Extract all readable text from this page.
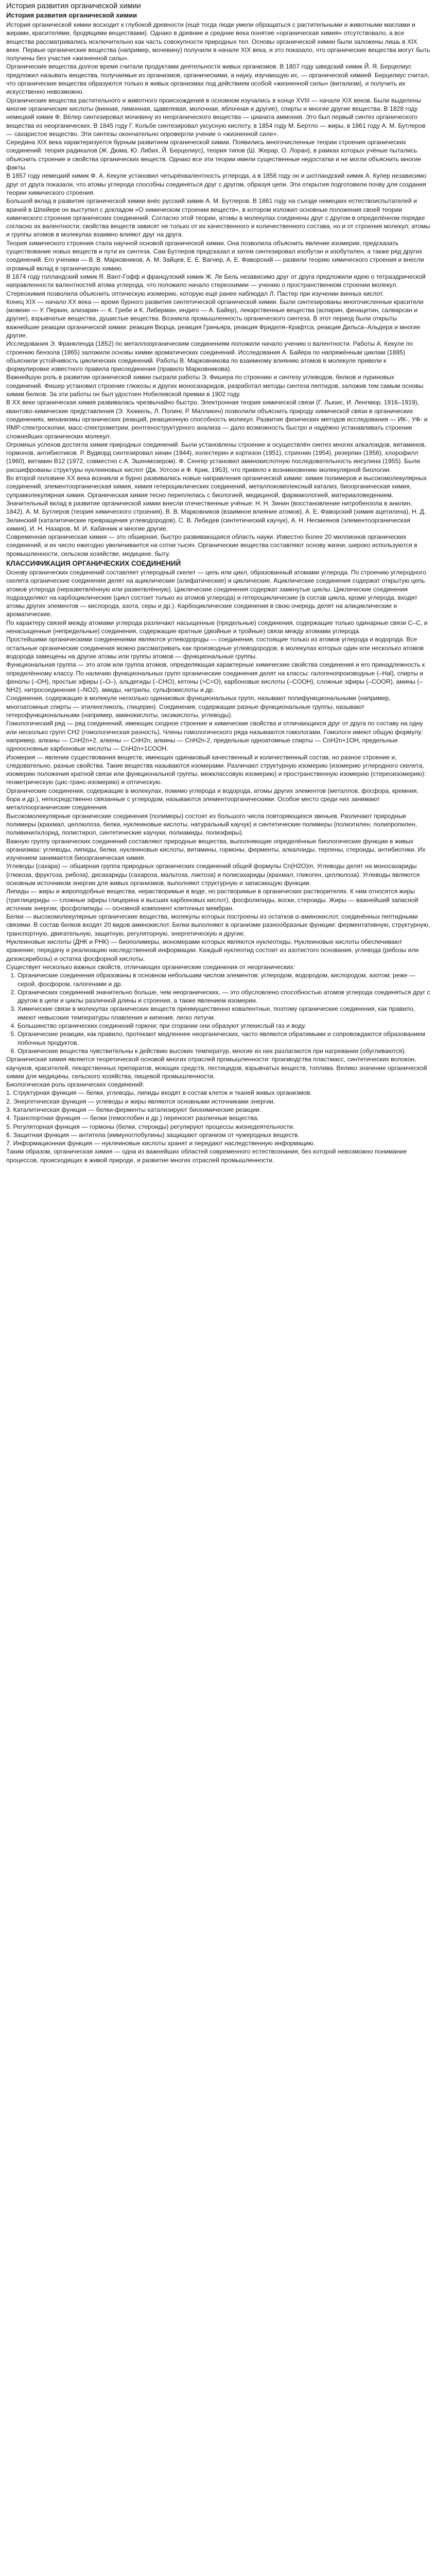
История развития органической химии
История развития органической химии

История органической химии восходит к глубокой древности (ещё тогда люди умели обращаться с растительными и животными маслами и жирами, красителями, бродящими веществами). Однако в древние и средние века понятие «органическая химия» отсутствовало, а все вещества рассматривались исключительно как часть совокупности природных тел. Основы органической химии были заложены лишь в XIX веке. Первые органические вещества (например, мочевину) получили в начале XIX века, и это показало, что органические вещества могут быть получены без участия «жизненной силы».

Органические вещества долгое время считали продуктами деятельности живых организмов. В 1807 году шведский химик Й. Я. Берцелиус предложил называть вещества, получаемые из организмов, органическими, а науку, изучающую их, — органической химией. Берцелиус считал, что органические вещества образуются только в живых организмах под действием особой «жизненной силы» (витализм), и получить их искусственно невозможно.

Органические вещества растительного и животного происхождения в основном изучались в конце XVIII — начале XIX веков. Были выделены многие органические кислоты (винная, лимонная, щавелевая, молочная, яблочная и другие), спирты и многие другие вещества. В 1828 году немецкий химик Ф. Вёлер синтезировал мочевину из неорганического вещества — цианата аммония. Это был первый синтез органического вещества из неорганических. В 1845 году Г. Кольбе синтезировал уксусную кислоту, в 1854 году М. Бертло — жиры, в 1861 году А. М. Бутлеров — сахаристое вещество. Эти синтезы окончательно опровергли учение о «жизненной силе».

Середина XIX века характеризуется бурным развитием органической химии. Появились многочисленные теории строения органических соединений: теория радикалов (Ж. Дюма, Ю. Либих, Й. Берцелиус), теория типов (Ш. Жерар, О. Лоран), в рамках которых учёные пытались объяснить строение и свойства органических веществ. Однако все эти теории имели существенные недостатки и не могли объяснить многие факты.

В 1857 году немецкий химик Ф. А. Кекуле установил четырёхвалентность углерода, а в 1858 году он и шотландский химик А. Купер независимо друг от друга показали, что атомы углерода способны соединяться друг с другом, образуя цепи. Эти открытия подготовили почву для создания теории химического строения.

Большой вклад в развитие органической химии внёс русский химик А. М. Бутлеров. В 1861 году на съезде немецких естествоиспытателей и врачей в Шпейере он выступил с докладом «О химическом строении веществ», в котором изложил основные положения своей теории химического строения органических соединений. Согласно этой теории, атомы в молекулах соединены друг с другом в определённом порядке согласно их валентности; свойства веществ зависят не только от их качественного и количественного состава, но и от строения молекул; атомы и группы атомов в молекулах взаимно влияют друг на друга.

Теория химического строения стала научной основой органической химии. Она позволила объяснить явление изомерии, предсказать существование новых веществ и пути их синтеза. Сам Бутлеров предсказал и затем синтезировал изобутан и изобутилен, а также ряд других соединений. Его ученики — В. В. Марковников, А. М. Зайцев, Е. Е. Вагнер, А. Е. Фаворский — развили теорию химического строения и внесли огромный вклад в органическую химию.

В 1874 году голландский химик Я. Вант-Гофф и французский химик Ж. Ле Бель независимо друг от друга предложили идею о тетраэдрической направленности валентностей атома углерода, что положило начало стереохимии — учению о пространственном строении молекул. Стереохимия позволила объяснить оптическую изомерию, которую ещё ранее наблюдал Л. Пастер при изучении винных кислот.

Конец XIX — начало XX века — время бурного развития синтетической органической химии. Были синтезированы многочисленные красители (мовеин — У. Перкин, ализарин — К. Гребе и К. Либерман, индиго — А. Байер), лекарственные вещества (аспирин, фенацетин, салварсан и другие), взрывчатые вещества, душистые вещества. Возникла промышленность органического синтеза. В этот период были открыты важнейшие реакции органической химии: реакция Вюрца, реакция Гриньяра, реакция Фриделя–Крафтса, реакция Дильса–Альдера и многие другие.

Исследования Э. Франкленда (1852) по металлоорганическим соединениям положили начало учению о валентности. Работы А. Кекуле по строению бензола (1865) заложили основы химии ароматических соединений. Исследования А. Байера по напряжённым циклам (1885) объяснили устойчивость циклических соединений. Работы В. Марковникова по взаимному влиянию атомов в молекуле привели к формулировке известного правила присоединения (правило Марковникова).

Важнейшую роль в развитии органической химии сыграли работы Э. Фишера по строению и синтезу углеводов, белков и пуриновых соединений. Фишер установил строение глюкозы и других моносахаридов, разработал методы синтеза пептидов, заложив тем самым основы химии белков. За эти работы он был удостоен Нобелевской премии в 1902 году.

В XX веке органическая химия развивалась чрезвычайно быстро. Электронная теория химической связи (Г. Льюис, И. Ленгмюр, 1916–1919), квантово-химические представления (Э. Хюккель, Л. Полинг, Р. Малликен) позволили объяснить природу химической связи в органических соединениях, механизмы органических реакций, реакционную способность молекул. Развитие физических методов исследования — ИК-, УФ- и ЯМР-спектроскопии, масс-спектрометрии, рентгеноструктурного анализа — дало возможность быстро и надёжно устанавливать строение сложнейших органических молекул.

Огромных успехов достигла химия природных соединений. Были установлены строение и осуществлён синтез многих алкалоидов, витаминов, гормонов, антибиотиков. Р. Вудворд синтезировал хинин (1944), холестерин и кортизон (1951), стрихнин (1954), резерпин (1956), хлорофилл (1960), витамин B12 (1972, совместно с А. Эшенмозером). Ф. Сенгер установил аминокислотную последовательность инсулина (1955). Были расшифрованы структуры нуклеиновых кислот (Дж. Уотсон и Ф. Крик, 1953), что привело к возникновению молекулярной биологии.

Во второй половине XX века возникли и бурно развивались новые направления органической химии: химия полимеров и высокомолекулярных соединений, элементоорганическая химия, химия гетероциклических соединений, металлокомплексный катализ, биоорганическая химия, супрамолекулярная химия. Органическая химия тесно переплелась с биологией, медициной, фармакологией, материаловедением.

Значительный вклад в развитие органической химии внесли отечественные учёные: Н. Н. Зинин (восстановление нитробензола в анилин, 1842), А. М. Бутлеров (теория химического строения), В. В. Марковников (взаимное влияние атомов), А. Е. Фаворский (химия ацетилена), Н. Д. Зелинский (каталитические превращения углеводородов), С. В. Лебедев (синтетический каучук), А. Н. Несмеянов (элементоорганическая химия), И. Н. Назаров, М. И. Кабачник и многие другие.

Современная органическая химия — это обширная, быстро развивающаяся область науки. Известно более 20 миллионов органических соединений, и их число ежегодно увеличивается на сотни тысяч. Органические вещества составляют основу жизни, широко используются в промышленности, сельском хозяйстве, медицине, быту.

КЛАССИФИКАЦИЯ ОРГАНИЧЕСКИХ СОЕДИНЕНИЙ

Основу органических соединений составляет углеродный скелет — цепь или цикл, образованный атомами углерода. По строению углеродного скелета органические соединения делят на ациклические (алифатические) и циклические. Ациклические соединения содержат открытую цепь атомов углерода (неразветвлённую или разветвлённую). Циклические соединения содержат замкнутые циклы. Циклические соединения подразделяют на карбоциклические (цикл состоит только из атомов углерода) и гетероциклические (в состав цикла, кроме углерода, входят атомы других элементов — кислорода, азота, серы и др.). Карбоциклические соединения в свою очередь делят на алициклические и ароматические.

По характеру связей между атомами углерода различают насыщенные (предельные) соединения, содержащие только одинарные связи C–C, и ненасыщенные (непредельные) соединения, содержащие кратные (двойные и тройные) связи между атомами углерода.

Простейшими органическими соединениями являются углеводороды — соединения, состоящие только из атомов углерода и водорода. Все остальные органические соединения можно рассматривать как производные углеводородов, в молекулах которых один или несколько атомов водорода замещены на другие атомы или группы атомов — функциональные группы.

Функциональная группа — это атом или группа атомов, определяющая характерные химические свойства соединения и его принадлежность к определённому классу. По наличию функциональных групп органические соединения делят на классы: галогенопроизводные (–Hal), спирты и фенолы (–OH), простые эфиры (–O–), альдегиды (–CHO), кетоны (>C=O), карбоновые кислоты (–COOH), сложные эфиры (–COOR), амины (–NH2), нитросоединения (–NO2), амиды, нитрилы, сульфокислоты и др.

Соединения, содержащие в молекуле несколько одинаковых функциональных групп, называют полифункциональными (например, многоатомные спирты — этиленгликоль, глицерин). Соединения, содержащие разные функциональные группы, называют гетерофункциональными (например, аминокислоты, оксикислоты, углеводы).

Гомологический ряд — ряд соединений, имеющих сходное строение и химические свойства и отличающихся друг от друга по составу на одну или несколько групп CH2 (гомологическая разность). Члены гомологического ряда называются гомологами. Гомологи имеют общую формулу: например, алканы — CnH2n+2, алкены — CnH2n, алкины — CnH2n-2, предельные одноатомные спирты — CnH2n+1OH, предельные одноосновные карбоновые кислоты — CnH2n+1COOH.

Изомерия — явление существования веществ, имеющих одинаковый качественный и количественный состав, но разное строение и, следовательно, разные свойства. Такие вещества называются изомерами. Различают структурную изомерию (изомерию углеродного скелета, изомерию положения кратной связи или функциональной группы, межклассовую изомерию) и пространственную изомерию (стереоизомерию): геометрическую (цис-транс-изомерию) и оптическую.

Органические соединения, содержащие в молекулах, помимо углерода и водорода, атомы других элементов (металлов, фосфора, кремния, бора и др.), непосредственно связанные с углеродом, называются элементоорганическими. Особое место среди них занимают металлоорганические соединения.

Высокомолекулярные органические соединения (полимеры) состоят из большого числа повторяющихся звеньев. Различают природные полимеры (крахмал, целлюлоза, белки, нуклеиновые кислоты, натуральный каучук) и синтетические полимеры (полиэтилен, полипропилен, поливинилхлорид, полистирол, синтетические каучуки, полиамиды, полиэфиры).

Важную группу органических соединений составляют природные вещества, выполняющие определённые биологические функции в живых организмах: углеводы, липиды, белки, нуклеиновые кислоты, витамины, гормоны, ферменты, алкалоиды, терпены, стероиды, антибиотики. Их изучением занимается биоорганическая химия.

Углеводы (сахара) — обширная группа природных органических соединений общей формулы Cn(H2O)m. Углеводы делят на моносахариды (глюкоза, фруктоза, рибоза), дисахариды (сахароза, мальтоза, лактоза) и полисахариды (крахмал, гликоген, целлюлоза). Углеводы являются основным источником энергии для живых организмов, выполняют структурную и запасающую функции.

Липиды — жиры и жироподобные вещества, нерастворимые в воде, но растворимые в органических растворителях. К ним относятся жиры (триглицериды — сложные эфиры глицерина и высших карбоновых кислот), фосфолипиды, воски, стероиды. Жиры — важнейший запасной источник энергии, фосфолипиды — основной компонент клеточных мембран.

Белки — высокомолекулярные органические вещества, молекулы которых построены из остатков α-аминокислот, соединённых пептидными связями. В состав белков входят 20 видов аминокислот. Белки выполняют в организме разнообразные функции: ферментативную, структурную, транспортную, двигательную, защитную, регуляторную, энергетическую и другие.

Нуклеиновые кислоты (ДНК и РНК) — биополимеры, мономерами которых являются нуклеотиды. Нуклеиновые кислоты обеспечивают хранение, передачу и реализацию наследственной информации. Каждый нуклеотид состоит из азотистого основания, углевода (рибозы или дезоксирибозы) и остатка фосфорной кислоты.

Существует несколько важных свойств, отличающих органические соединения от неорганических:

1. Органические соединения образованы в основном небольшим числом элементов: углеродом, водородом, кислородом, азотом; реже — серой, фосфором, галогенами и др.
2. Органических соединений значительно больше, чем неорганических, — это обусловлено способностью атомов углерода соединяться друг с другом в цепи и циклы различной длины и строения, а также явлением изомерии.
3. Химические связи в молекулах органических веществ преимущественно ковалентные, поэтому органические соединения, как правило, имеют невысокие температуры плавления и кипения, легко летучи.
4. Большинство органических соединений горючи; при сгорании они образуют углекислый газ и воду.
5. Органические реакции, как правило, протекают медленнее неорганических, часто являются обратимыми и сопровождаются образованием побочных продуктов.
6. Органические вещества чувствительны к действию высоких температур, многие из них разлагаются при нагревании (обугливаются).

Органическая химия является теоретической основой многих отраслей промышленности: производства пластмасс, синтетических волокон, каучуков, красителей, лекарственных препаратов, моющих средств, пестицидов, взрывчатых веществ, топлива. Велико значение органической химии для медицины, сельского хозяйства, пищевой промышленности.

Биологическая роль органических соединений:

1. Структурная функция — белки, углеводы, липиды входят в состав клеток и тканей живых организмов.

2. Энергетическая функция — углеводы и жиры являются основными источниками энергии.

3. Каталитическая функция — белки-ферменты катализируют биохимические реакции.

4. Транспортная функция — белки (гемоглобин и др.) переносят различные вещества.

5. Регуляторная функция — гормоны (белки, стероиды) регулируют процессы жизнедеятельности.

6. Защитная функция — антитела (иммуноглобулины) защищают организм от чужеродных веществ.

7. Информационная функция — нуклеиновые кислоты хранят и передают наследственную информацию.

Таким образом, органическая химия — одна из важнейших областей современного естествознания, без которой невозможно понимание процессов, происходящих в живой природе, и развитие многих отраслей промышленности.
